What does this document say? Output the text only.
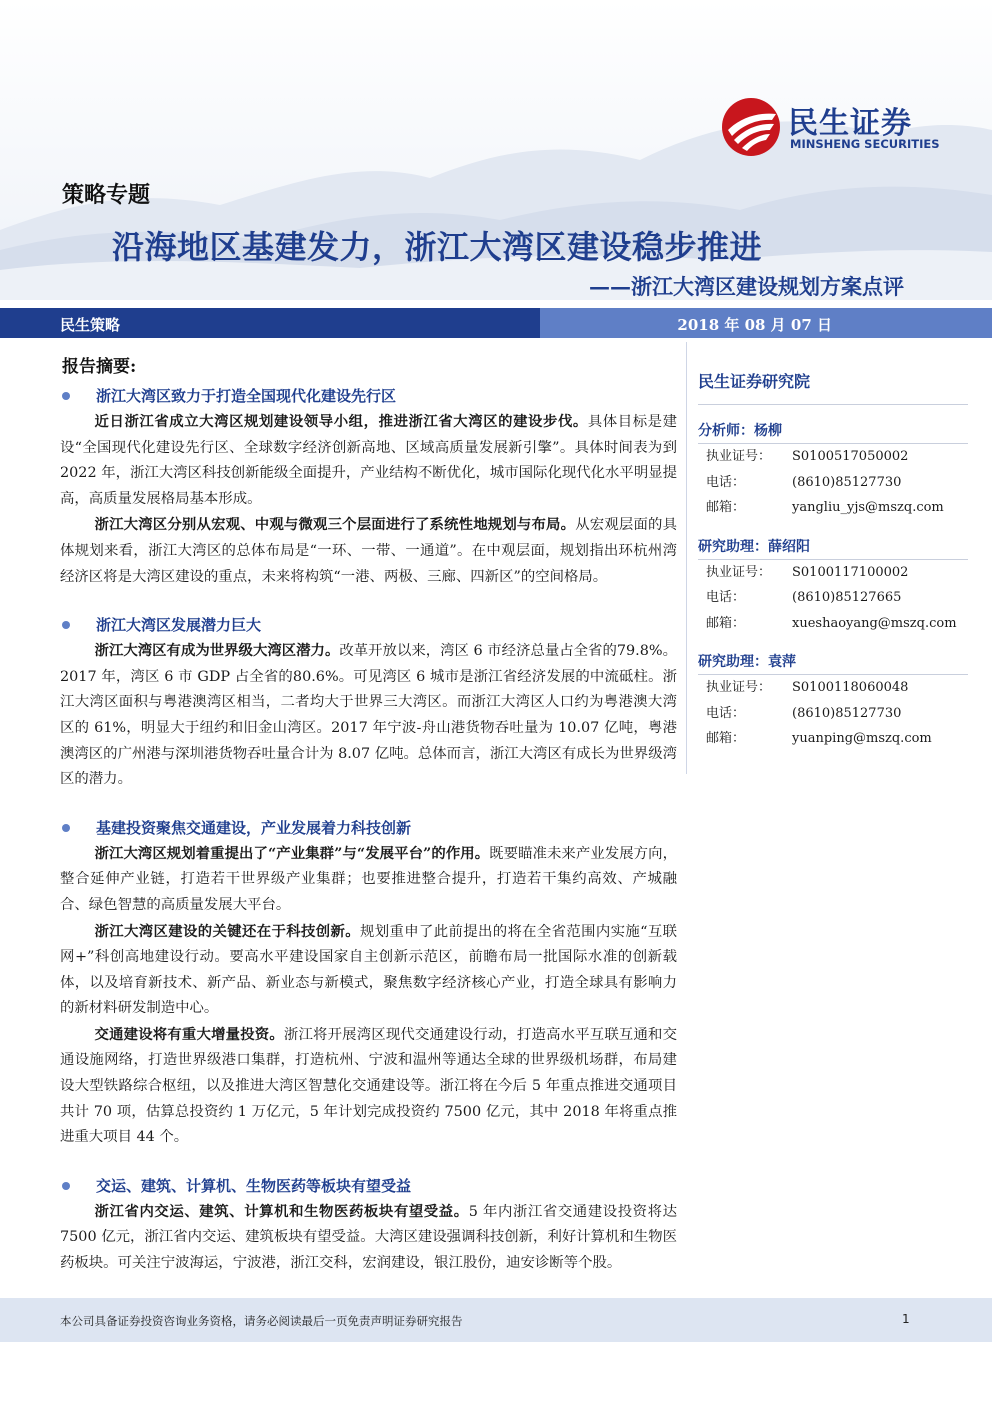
民生证券
MINSHENG SECURITIES
策略专题
沿海地区基建发力，浙江大湾区建设稳步推进
——浙江大湾区建设规划方案点评
民生策略	2018 年 08 月 07 日
报告摘要:
浙江大湾区致力于打造全国现代化建设先行区

近日浙江省成立大湾区规划建设领导小组，推进浙江省大湾区的建设步伐。具体目标是建设“全国现代化建设先行区、全球数字经济创新高地、区域高质量发展新引擎”。具体时间表为到 2022 年，浙江大湾区科技创新能级全面提升，产业结构不断优化，城市国际化现代化水平明显提高，高质量发展格局基本形成。

浙江大湾区分别从宏观、中观与微观三个层面进行了系统性地规划与布局。从宏观层面的具体规划来看，浙江大湾区的总体布局是“一环、一带、一通道”。在中观层面，规划指出环杭州湾经济区将是大湾区建设的重点，未来将构筑“一港、两极、三廊、四新区”的空间格局。

浙江大湾区发展潜力巨大

浙江大湾区有成为世界级大湾区潜力。改革开放以来，湾区 6 市经济总量占全省的79.8%。2017 年，湾区 6 市 GDP 占全省的80.6%。可见湾区 6 城市是浙江省经济发展的中流砥柱。浙江大湾区面积与粤港澳湾区相当，二者均大于世界三大湾区。而浙江大湾区人口约为粤港澳大湾区的 61%，明显大于纽约和旧金山湾区。2017 年宁波-舟山港货物吞吐量为 10.07 亿吨，粤港澳湾区的广州港与深圳港货物吞吐量合计为 8.07 亿吨。总体而言，浙江大湾区有成长为世界级湾区的潜力。

基建投资聚焦交通建设，产业发展着力科技创新

浙江大湾区规划着重提出了“产业集群”与“发展平台”的作用。既要瞄准未来产业发展方向，整合延伸产业链，打造若干世界级产业集群；也要推进整合提升，打造若干集约高效、产城融合、绿色智慧的高质量发展大平台。

浙江大湾区建设的关键还在于科技创新。规划重申了此前提出的将在全省范围内实施“互联网+”科创高地建设行动。要高水平建设国家自主创新示范区，前瞻布局一批国际水准的创新载体，以及培育新技术、新产品、新业态与新模式，聚焦数字经济核心产业，打造全球具有影响力的新材料研发制造中心。

交通建设将有重大增量投资。浙江将开展湾区现代交通建设行动，打造高水平互联互通和交通设施网络，打造世界级港口集群，打造杭州、宁波和温州等通达全球的世界级机场群，布局建设大型铁路综合枢纽，以及推进大湾区智慧化交通建设等。浙江将在今后 5 年重点推进交通项目共计 70 项，估算总投资约 1 万亿元，5 年计划完成投资约 7500 亿元，其中 2018 年将重点推进重大项目 44 个。

交运、建筑、计算机、生物医药等板块有望受益

浙江省内交运、建筑、计算机和生物医药板块有望受益。5 年内浙江省交通建设投资将达 7500 亿元，浙江省内交运、建筑板块有望受益。大湾区建设强调科技创新，利好计算机和生物医药板块。可关注宁波海运，宁波港，浙江交科，宏润建设，银江股份，迪安诊断等个股。

民生证券研究院
分析师：杨柳
执业证号：	S0100517050002
电话：	(8610)85127730
邮箱：	yangliu_yjs@mszq.com
研究助理：薛绍阳
执业证号：	S0100117100002
电话：	(8610)85127665
邮箱：	xueshaoyang@mszq.com
研究助理：袁萍
执业证号：	S0100118060048
电话：	(8610)85127730
邮箱：	yuanping@mszq.com
本公司具备证券投资咨询业务资格，请务必阅读最后一页免责声明证券研究报告	1
